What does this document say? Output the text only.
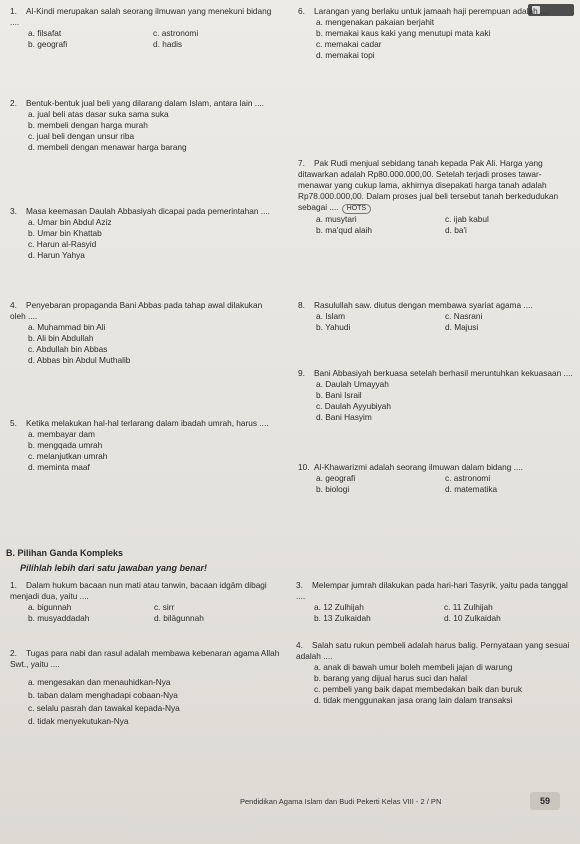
1. Al-Kindi merupakan salah seorang ilmuwan yang menekuni bidang ....

a. filsafat	c. astronomi
b. geografi	d. hadis

2. Bentuk-bentuk jual beli yang dilarang dalam Islam, antara lain ....

a. jual beli atas dasar suka sama suka
b. membeli dengan harga murah
c. jual beli dengan unsur riba
d. membeli dengan menawar harga barang

3. Masa keemasan Daulah Abbasiyah dicapai pada pemerintahan ....

a. Umar bin Abdul Aziz
b. Umar bin Khattab
c. Harun al-Rasyid
d. Harun Yahya

4. Penyebaran propaganda Bani Abbas pada tahap awal dilakukan oleh ....

a. Muhammad bin Ali
b. Ali bin Abdullah
c. Abdullah bin Abbas
d. Abbas bin Abdul Muthalib

5. Ketika melakukan hal-hal terlarang dalam ibadah umrah, harus ....

a. membayar dam
b. mengqada umrah
c. melanjutkan umrah
d. meminta maaf

6. Larangan yang berlaku untuk jamaah haji perempuan adalah ....

a. mengenakan pakaian berjahit
b. memakai kaus kaki yang menutupi mata kaki
c. memakai cadar
d. memakai topi

7. Pak Rudi menjual sebidang tanah kepada Pak Ali. Harga yang ditawarkan adalah Rp80.000.000,00. Setelah terjadi proses tawar-menawar yang cukup lama, akhirnya disepakati harga tanah adalah Rp78.000.000,00. Dalam proses jual beli tersebut tanah berkedudukan sebagai .... HOTS

a. musytari	c. ijab kabul
b. ma'qud alaih	d. ba'i

8. Rasulullah saw. diutus dengan membawa syariat agama ....

a. Islam	c. Nasrani
b. Yahudi	d. Majusi

9. Bani Abbasiyah berkuasa setelah berhasil meruntuhkan kekuasaan ....

a. Daulah Umayyah
b. Bani Israil
c. Daulah Ayyubiyah
d. Bani Hasyim

10. Al-Khawarizmi adalah seorang ilmuwan dalam bidang ....

a. geografi	c. astronomi
b. biologi	d. matematika
B. Pilihan Ganda Kompleks
Pilihlah lebih dari satu jawaban yang benar!

1. Dalam hukum bacaan nun mati atau tanwin, bacaan idgām dibagi menjadi dua, yaitu ....

a. bigunnah	c. sirr
b. musyaddadah	d. bilāgunnah

2. Tugas para nabi dan rasul adalah membawa kebenaran agama Allah Swt., yaitu ....

a. mengesakan dan menauhidkan-Nya
b. taban dalam menghadapi cobaan-Nya
c. selalu pasrah dan tawakal kepada-Nya
d. tidak menyekutukan-Nya

3. Melempar jumrah dilakukan pada hari-hari Tasyrik, yaitu pada tanggal ....

a. 12 Zulhijah	c. 11 Zulhijah
b. 13 Zulkaidah	d. 10 Zulkaidah

4. Salah satu rukun pembeli adalah harus balig. Pernyataan yang sesuai adalah ....

a. anak di bawah umur boleh membeli jajan di warung
b. barang yang dijual harus suci dan halal
c. pembeli yang baik dapat membedakan baik dan buruk
d. tidak menggunakan jasa orang lain dalam transaksi
Pendidikan Agama Islam dan Budi Pekerti Kelas VIII - 2 / PN	59
